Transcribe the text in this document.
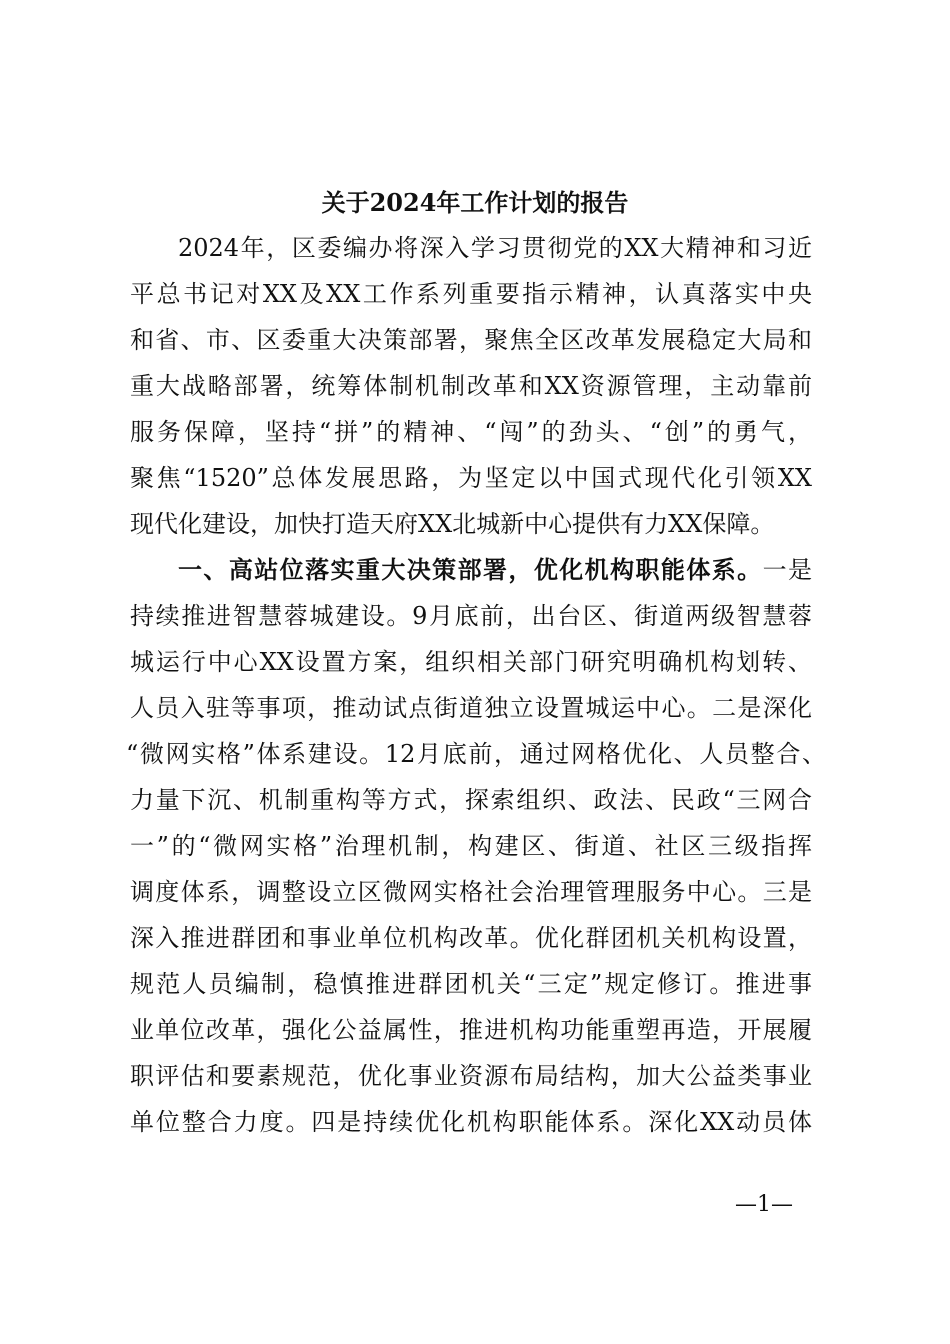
关于2024年工作计划的报告
2024年，区委编办将深入学习贯彻党的XX大精神和习近
平总书记对XX及XX工作系列重要指示精神，认真落实中央
和省、市、区委重大决策部署，聚焦全区改革发展稳定大局和
重大战略部署，统筹体制机制改革和XX资源管理，主动靠前
服务保障，坚持“拼”的精神、“闯”的劲头、“创”的勇气，
聚焦“1520”总体发展思路，为坚定以中国式现代化引领XX
现代化建设，加快打造天府XX北城新中心提供有力XX保障。
一、高站位落实重大决策部署，优化机构职能体系。一是
持续推进智慧蓉城建设。9月底前，出台区、街道两级智慧蓉
城运行中心XX设置方案，组织相关部门研究明确机构划转、
人员入驻等事项，推动试点街道独立设置城运中心。二是深化
“微网实格”体系建设。12月底前，通过网格优化、人员整合、
力量下沉、机制重构等方式，探索组织、政法、民政“三网合
一”的“微网实格”治理机制，构建区、街道、社区三级指挥
调度体系，调整设立区微网实格社会治理管理服务中心。三是
深入推进群团和事业单位机构改革。优化群团机关机构设置，
规范人员编制，稳慎推进群团机关“三定”规定修订。推进事
业单位改革，强化公益属性，推进机构功能重塑再造，开展履
职评估和要素规范，优化事业资源布局结构，加大公益类事业
单位整合力度。四是持续优化机构职能体系。深化XX动员体
—1—
